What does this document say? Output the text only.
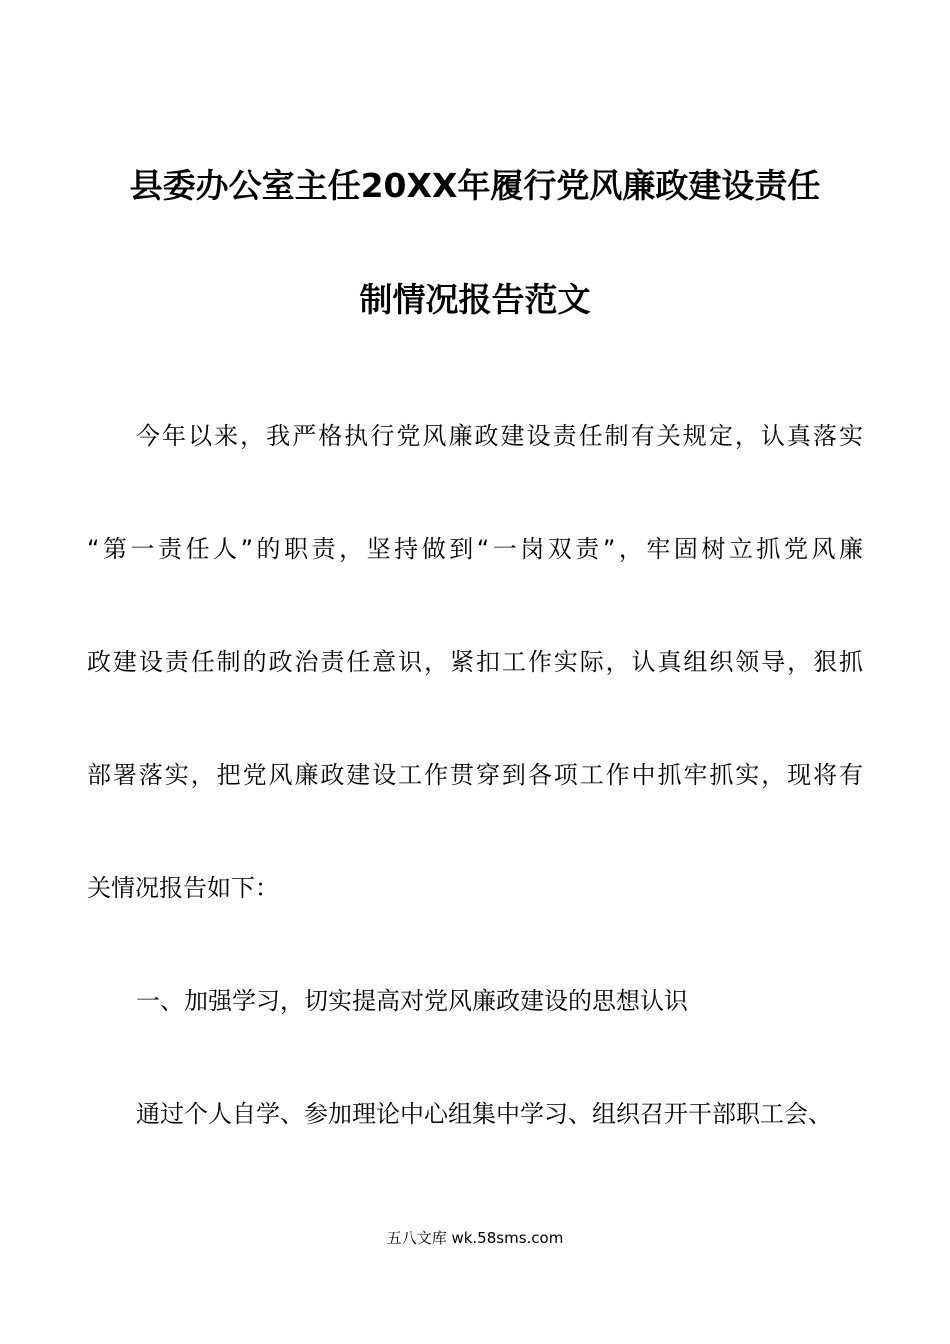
县委办公室主任20XX年履行党风廉政建设责任
制情况报告范文
今年以来，我严格执行党风廉政建设责任制有关规定，认真落实
“第一责任人”的职责，坚持做到“一岗双责”，牢固树立抓党风廉
政建设责任制的政治责任意识，紧扣工作实际，认真组织领导，狠抓
部署落实，把党风廉政建设工作贯穿到各项工作中抓牢抓实，现将有
关情况报告如下：
一、加强学习，切实提高对党风廉政建设的思想认识
通过个人自学、参加理论中心组集中学习、组织召开干部职工会、
五八文库 wk.58sms.com
